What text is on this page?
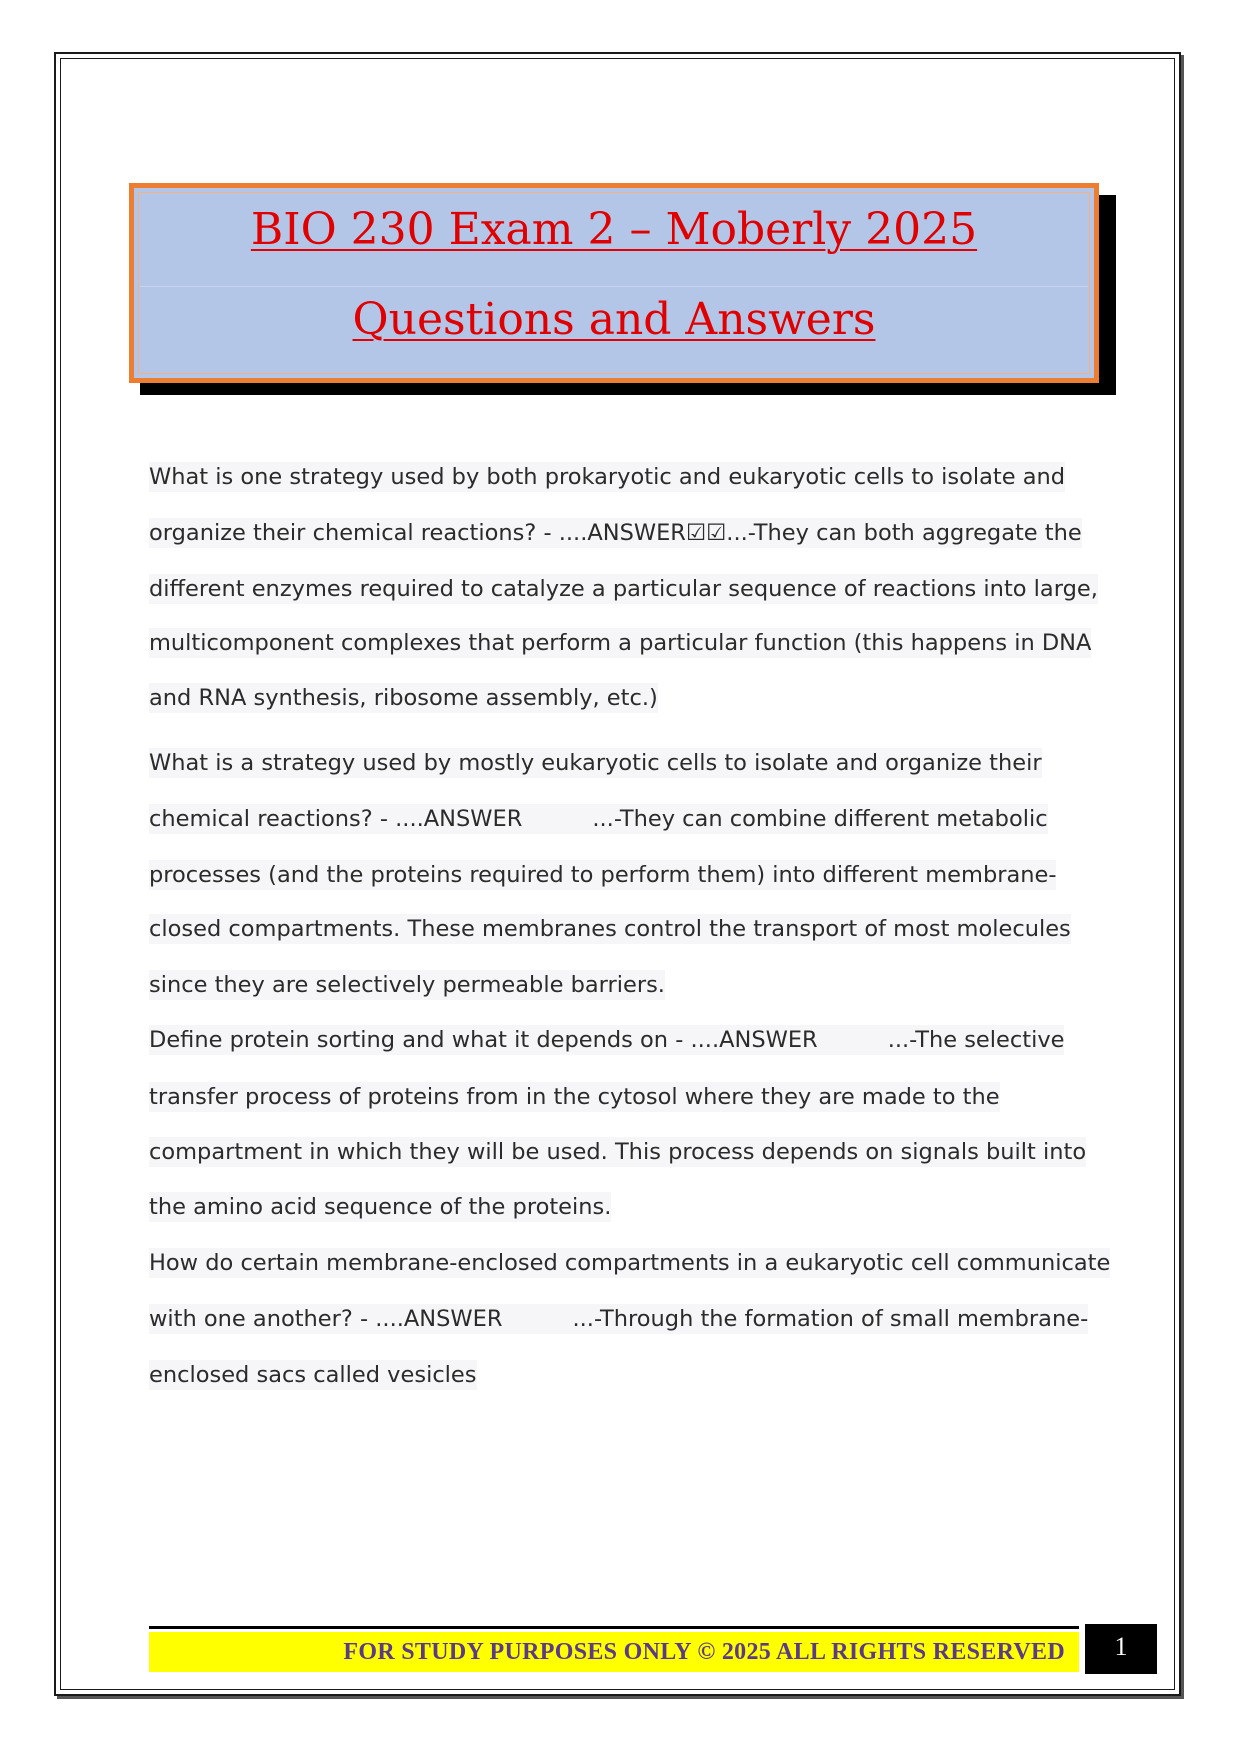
BIO 230 Exam 2 – Moberly 2025
Questions and Answers
What is one strategy used by both prokaryotic and eukaryotic cells to isolate and
organize their chemical reactions? - ....ANSWER☑☑...-They can both aggregate the
different enzymes required to catalyze a particular sequence of reactions into large,
multicomponent complexes that perform a particular function (this happens in DNA
and RNA synthesis, ribosome assembly, etc.)
What is a strategy used by mostly eukaryotic cells to isolate and organize their
chemical reactions? - ....ANSWER	...-They can combine different metabolic
processes (and the proteins required to perform them) into different membrane-
closed compartments. These membranes control the transport of most molecules
since they are selectively permeable barriers.
Define protein sorting and what it depends on - ....ANSWER	...-The selective
transfer process of proteins from in the cytosol where they are made to the
compartment in which they will be used. This process depends on signals built into
the amino acid sequence of the proteins.
How do certain membrane-enclosed compartments in a eukaryotic cell communicate
with one another? - ....ANSWER	...-Through the formation of small membrane-
enclosed sacs called vesicles
FOR STUDY PURPOSES ONLY © 2025 ALL RIGHTS RESERVED	1
